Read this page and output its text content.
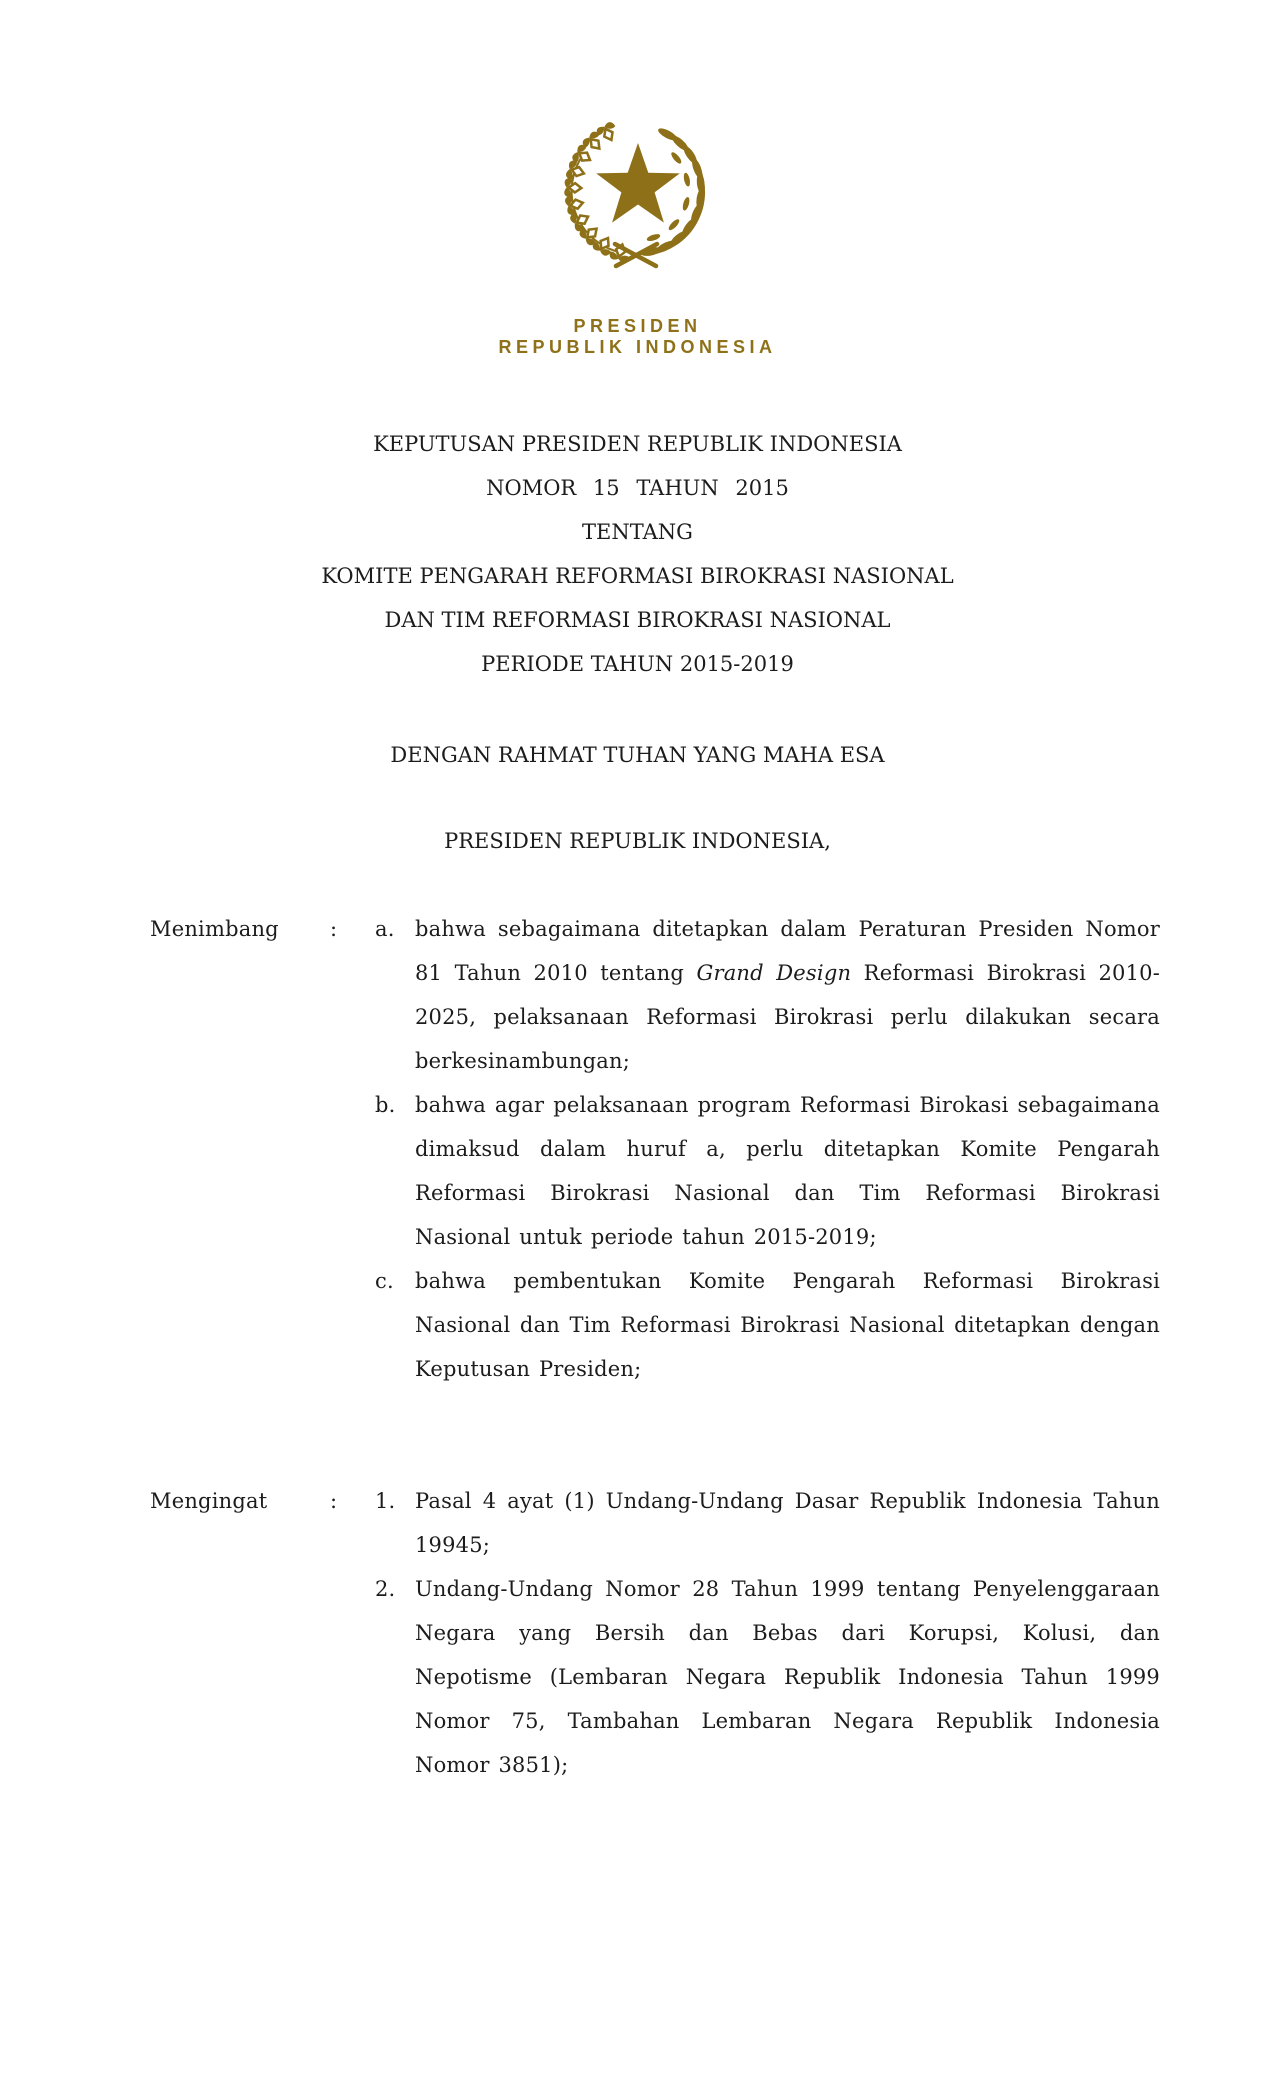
PRESIDEN
REPUBLIK INDONESIA
KEPUTUSAN PRESIDEN REPUBLIK INDONESIA
NOMOR 15 TAHUN 2015
TENTANG
KOMITE PENGARAH REFORMASI BIROKRASI NASIONAL
DAN TIM REFORMASI BIROKRASI NASIONAL
PERIODE TAHUN 2015-2019
DENGAN RAHMAT TUHAN YANG MAHA ESA
PRESIDEN REPUBLIK INDONESIA,
Menimbang	:	a. bahwa sebagaimana ditetapkan dalam Peraturan Presiden Nomor 81 Tahun 2010 tentang Grand Design Reformasi Birokrasi 2010-2025, pelaksanaan Reformasi Birokrasi perlu dilakukan secara berkesinambungan;
b. bahwa agar pelaksanaan program Reformasi Birokasi sebagaimana dimaksud dalam huruf a, perlu ditetapkan Komite Pengarah Reformasi Birokrasi Nasional dan Tim Reformasi Birokrasi Nasional untuk periode tahun 2015-2019;
c.	bahwa pembentukan Komite Pengarah Reformasi Birokrasi Nasional dan Tim Reformasi Birokrasi Nasional ditetapkan dengan Keputusan Presiden;
Mengingat	:	1. Pasal 4 ayat (1) Undang-Undang Dasar Republik Indonesia Tahun 19945;
2. Undang-Undang Nomor 28 Tahun 1999 tentang Penyelenggaraan Negara yang Bersih dan Bebas dari Korupsi, Kolusi, dan Nepotisme (Lembaran Negara Republik Indonesia Tahun 1999 Nomor 75, Tambahan Lembaran Negara Republik Indonesia Nomor 3851);
